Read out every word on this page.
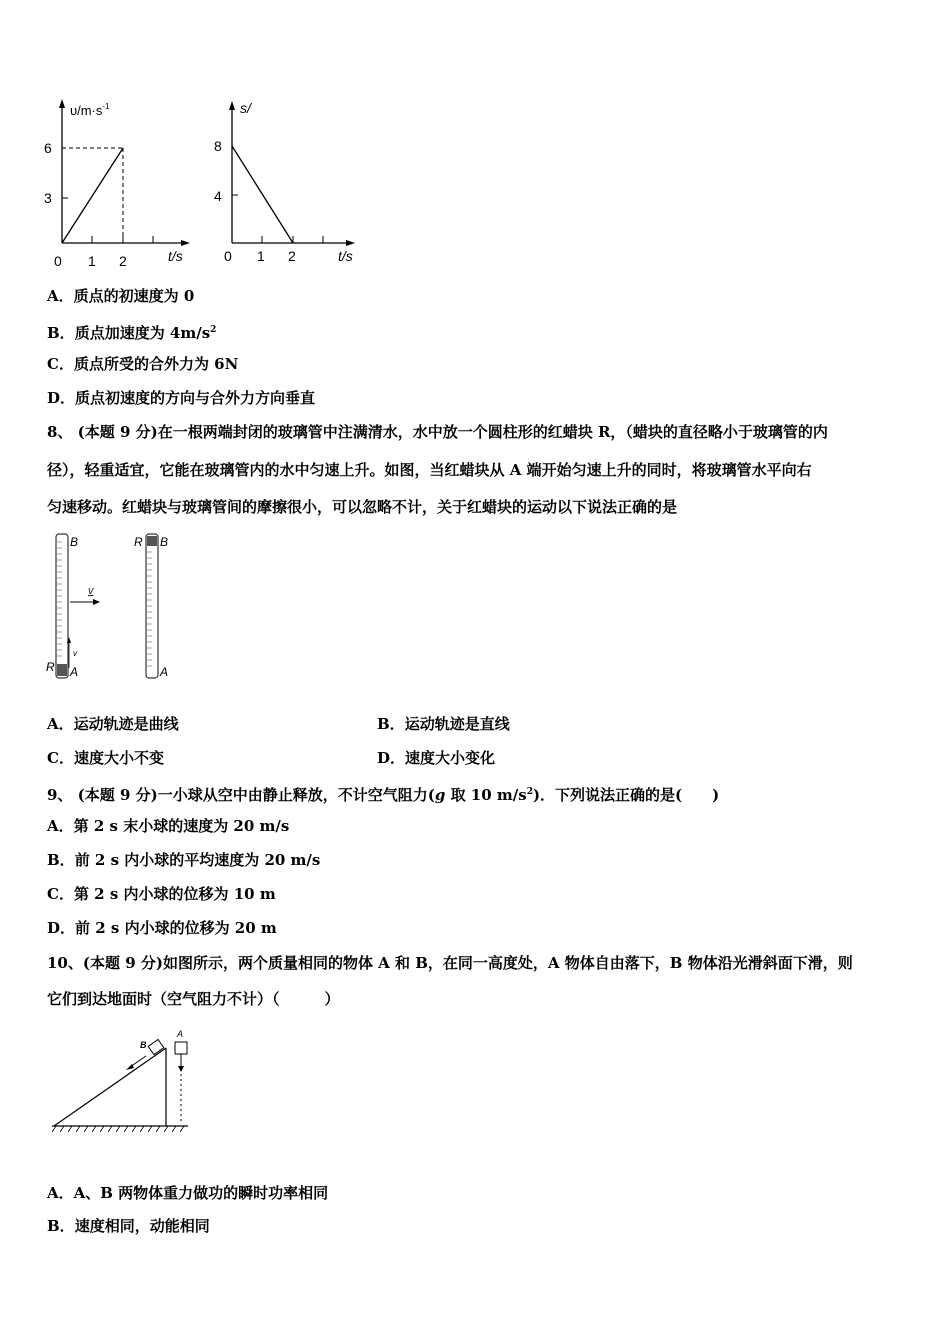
$\upsilon/m\cdot s^{-1}$
6
3
0 1 2	t/s
s/
8
4
0 1 2	t/s
A．质点的初速度为 0
B．质点加速度为 $4m/s^2$
C．质点所受的合外力为 6N
D．质点初速度的方向与合外力方向垂直
8、 (本题 9 分)在一根两端封闭的玻璃管中注满清水，水中放一个圆柱形的红蜡块 R，（蜡块的直径略小于玻璃管的内
径），轻重适宜，它能在玻璃管内的水中匀速上升。如图，当红蜡块从 A 端开始匀速上升的同时，将玻璃管水平向右
匀速移动。红蜡块与玻璃管间的摩擦很小，可以忽略不计，关于红蜡块的运动以下说法正确的是
v
B
A
R
v
R B
A
A．运动轨迹是曲线	B．运动轨迹是直线
C．速度大小不变	D．速度大小变化
9、 (本题 9 分)一小球从空中由静止释放，不计空气阻力(g 取 10 $m/s^2$)．下列说法正确的是(　　)
A．第 2 s 末小球的速度为 20 m/s
B．前 2 s 内小球的平均速度为 20 m/s
C．第 2 s 内小球的位移为 10 m
D．前 2 s 内小球的位移为 20 m
10、(本题 9 分)如图所示，两个质量相同的物体 A 和 B，在同一高度处，A 物体自由落下，B 物体沿光滑斜面下滑，则
它们到达地面时（空气阻力不计）（　　　）
B
A
A．A、B 两物体重力做功的瞬时功率相同
B．速度相同，动能相同
